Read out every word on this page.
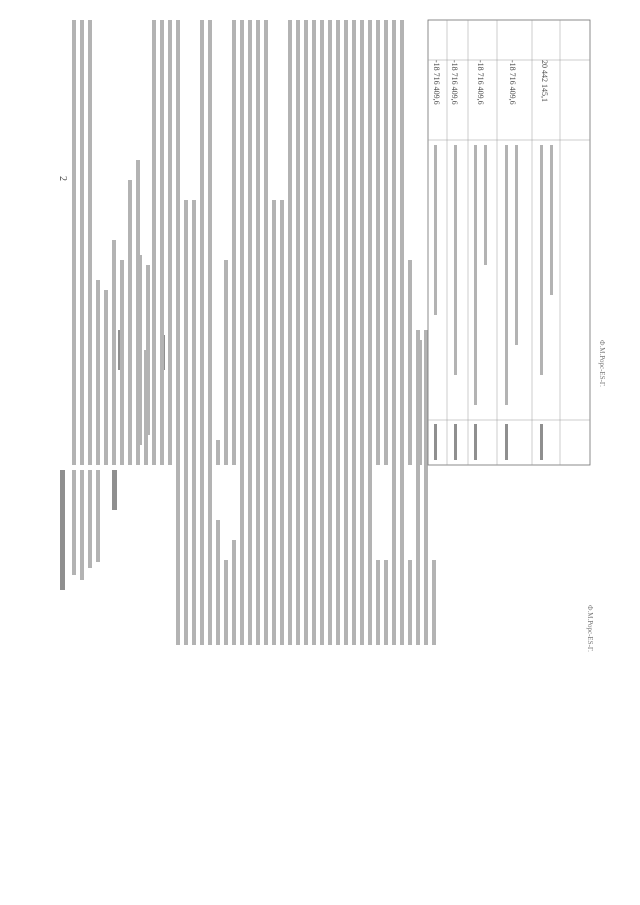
Ф.М.Рорс-ES-Г.
2
-18 716 409,6 -18 716 409,6 -18 716 409,6	-18 716 409,6	20 442 145,1
Ф.М.Рорс-ES-Г.
